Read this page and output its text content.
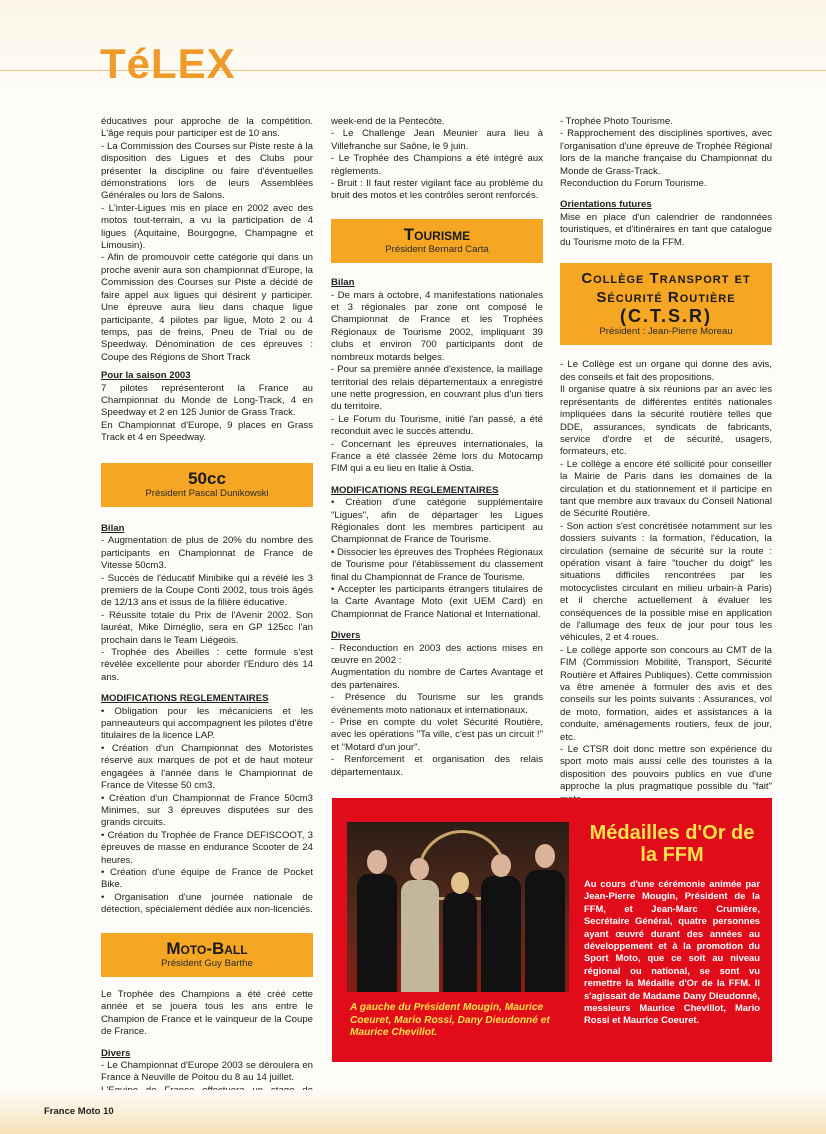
TéLEX

éducatives pour approche de la compétition. L'âge requis pour participer est de 10 ans.

- La Commission des Courses sur Piste reste à la disposition des Ligues et des Clubs pour présenter la discipline ou faire d'éventuelles démonstrations lors de leurs Assemblées Générales ou lors de Salons.

- L'inter-Ligues mis en place en 2002 avec des motos tout-terrain, a vu la participation de 4 ligues (Aquitaine, Bourgogne, Champagne et Limousin).

- Afin de promouvoir cette catégorie qui dans un proche avenir aura son championnat d'Europe, la Commission des Courses sur Piste a décidé de faire appel aux ligues qui désirent y participer. Une épreuve aura lieu dans chaque ligue participante, 4 pilotes par ligue, Moto 2 ou 4 temps, pas de freins, Pneu de Trial ou de Speedway. Dénomination de ces épreuves : Coupe des Régions de Short Track

Pour la saison 2003

7 pilotes représenteront la France au Championnat du Monde de Long-Track, 4 en Speedway et 2 en 125 Junior de Grass Track.

En Championnat d'Europe, 9 places en Grass Track et 4 en Speedway.

50cc
Président Pascal Dunikowski

Bilan

- Augmentation de plus de 20% du nombre des participants en Championnat de France de Vitesse 50cm3.

- Succès de l'éducatif Minibike qui a révélé les 3 premiers de la Coupe Conti 2002, tous trois âgés de 12/13 ans et issus de la filière éducative.

- Réussite totale du Prix de l'Avenir 2002. Son lauréat, Mike Diméglio, sera en GP 125cc l'an prochain dans le Team Liégeois.

- Trophée des Abeilles : cette formule s'est révélée excellente pour aborder l'Enduro dès 14 ans.

MODIFICATIONS REGLEMENTAIRES

• Obligation pour les mécaniciens et les panneauteurs qui accompagnent les pilotes d'être titulaires de la licence LAP.

• Création d'un Championnat des Motoristes réservé aux marques de pot et de haut moteur engagées à l'année dans le Championnat de France de Vitesse 50 cm3.

• Création d'un Championnat de France 50cm3 Minimes, sur 3 épreuves disputées sur des grands circuits.

• Création du Trophée de France DEFISCOOT, 3 épreuves de masse en endurance Scooter de 24 heures.

• Création d'une équipe de France de Pocket Bike.

• Organisation d'une journée nationale de détection, spécialement dédiée aux non-licenciés.

Moto-Ball
Président Guy Barthe

Le Trophée des Champions a été créé cette année et se jouera tous les ans entre le Champion de France et le vainqueur de la Coupe de France.

Divers

- Le Championnat d'Europe 2003 se déroulera en France à Neuville de Poitou du 8 au 14 juillet.

week-end de la Pentecôte.

- Le Challenge Jean Meunier aura lieu à Villefranche sur Saône, le 9 juin.

- Le Trophée des Champions a été intégré aux règlements.

- Bruit : Il faut rester vigilant face au problème du bruit des motos et les contrôles seront renforcés.

Tourisme
Président Bernard Carta

Bilan

- De mars à octobre, 4 manifestations nationales et 3 régionales par zone ont composé le Championnat de France et les Trophées Régionaux de Tourisme 2002, impliquant 39 clubs et environ 700 participants dont de nombreux motards belges.

- Pour sa première année d'existence, la maillage territorial des relais départementaux a enregistré une nette progression, en couvrant plus d'un tiers du territoire.

- Le Forum du Tourisme, initié l'an passé, a été reconduit avec le succès attendu.

- Concernant les épreuves internationales, la France a été classée 2ème lors du Motocamp FIM qui a eu lieu en Italie à Ostia.

MODIFICATIONS REGLEMENTAIRES

• Création d'une catégorie supplémentaire "Ligues", afin de départager les Ligues Régionales dont les membres participent au Championnat de France de Tourisme.

• Dissocier les épreuves des Trophées Régionaux de Tourisme pour l'établissement du classement final du Championnat de France de Tourisme.

• Accepter les participants étrangers titulaires de la Carte Avantage Moto (exit UEM Card) en Championnat de France National et International.

Divers

- Reconduction en 2003 des actions mises en œuvre en 2002 :

Augmentation du nombre de Cartes Avantage et des partenaires.

- Présence du Tourisme sur les grands événements moto nationaux et internationaux.

- Prise en compte du volet Sécurité Routière, avec les opérations "Ta ville, c'est pas un circuit !" et "Motard d'un jour".

- Renforcement et organisation des relais départementaux.

- Trophée Photo Tourisme.

- Rapprochement des disciplines sportives, avec l'organisation d'une épreuve de Trophée Régional lors de la manche française du Championnat du Monde de Grass-Track.

Reconduction du Forum Tourisme.

Orientations futures

Mise en place d'un calendrier de randonnées touristiques, et d'itinéraires en tant que catalogue du Tourisme moto de la FFM.

Collège Transport et
Sécurité Routière
(C.T.S.R)
Président : Jean-Pierre Moreau

- Le Collège est un organe qui donne des avis, des conseils et fait des propositions.

Il organise quatre à six réunions par an avec les représentants de différentes entités nationales impliquées dans la sécurité routière telles que DDE, assurances, syndicats de fabricants, service d'ordre et de sécurité, usagers, formateurs, etc.

- Le collège a encore été sollicité pour conseiller la Mairie de Paris dans les domaines de la circulation et du stationnement et il participe en tant que membre aux travaux du Conseil National de Sécurité Routière.

- Son action s'est concrétisée notamment sur les dossiers suivants : la formation, l'éducation, la circulation (semaine de sécurité sur la route : opération visant à faire "toucher du doigt" les situations difficiles rencontrées par les motocyclistes circulant en milieu urbain-à Paris) et il cherche actuellement à évaluer les conséquences de la possible mise en application de l'allumage des feux de jour pour tous les véhicules, 2 et 4 roues.

- Le collège apporte son concours au CMT de la FIM (Commission Mobilité, Transport, Sécurité Routière et Affaires Publiques). Cette commission va être amenée à formuler des avis et des conseils sur les points suivants : Assurances, vol de moto, formation, aides et assistances à la conduite, aménagements routiers, feux de jour, etc.

- Le CTSR doit donc mettre son expérience du sport moto mais aussi celle des touristes à la disposition des pouvoirs publics en vue d'une approche la plus pragmatique possible du "fait"

A gauche du Président Mougin, Maurice Coeuret, Mario Rossi, Dany Dieudonné et Maurice Chevillot.
Médailles d'Or de la FFM
Au cours d'une cérémonie animée par Jean-Pierre Mougin, Président de la FFM, et Jean-Marc Crumière, Secrétaire Général, quatre personnes ayant œuvré durant des années au développement et à la promotion du Sport Moto, que ce soit au niveau régional ou national, se sont vu remettre la Médaille d'Or de la FFM. Il s'agissait de Madame Dany Dieudonné, messieurs Maurice Chevillot, Mario Rossi et Maurice Coeuret.
France Moto 10
